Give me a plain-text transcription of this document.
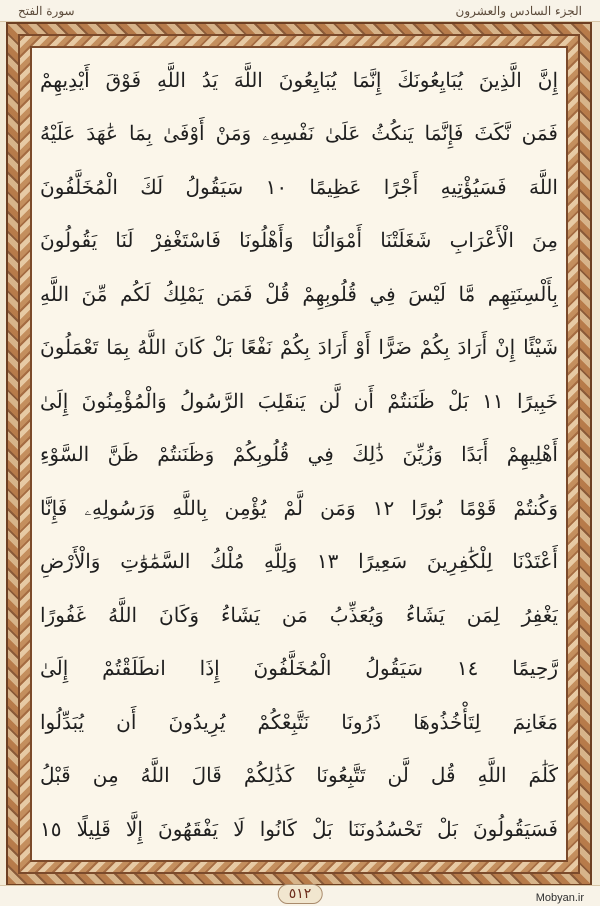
سورة الفتح	الجزء السادس والعشرون
إِنَّ الَّذِينَ يُبَايِعُونَكَ إِنَّمَا يُبَايِعُونَ اللَّهَ يَدُ اللَّهِ فَوْقَ أَيْدِيهِمْ
فَمَن نَّكَثَ فَإِنَّمَا يَنكُثُ عَلَىٰ نَفْسِهِۦ وَمَنْ أَوْفَىٰ بِمَا عَٰهَدَ عَلَيْهُ
اللَّهَ فَسَيُؤْتِيهِ أَجْرًا عَظِيمًا ١٠ سَيَقُولُ لَكَ الْمُخَلَّفُونَ
مِنَ الْأَعْرَابِ شَغَلَتْنَا أَمْوَالُنَا وَأَهْلُونَا فَاسْتَغْفِرْ لَنَا يَقُولُونَ
بِأَلْسِنَتِهِم مَّا لَيْسَ فِي قُلُوبِهِمْ قُلْ فَمَن يَمْلِكُ لَكُم مِّنَ اللَّهِ
شَيْئًا إِنْ أَرَادَ بِكُمْ ضَرًّا أَوْ أَرَادَ بِكُمْ نَفْعًا بَلْ كَانَ اللَّهُ بِمَا تَعْمَلُونَ
خَبِيرًا ١١ بَلْ ظَنَنتُمْ أَن لَّن يَنقَلِبَ الرَّسُولُ وَالْمُؤْمِنُونَ إِلَىٰ
أَهْلِيهِمْ أَبَدًا وَزُيِّنَ ذَٰلِكَ فِي قُلُوبِكُمْ وَظَنَنتُمْ ظَنَّ السَّوْءِ
وَكُنتُمْ قَوْمًا بُورًا ١٢ وَمَن لَّمْ يُؤْمِن بِاللَّهِ وَرَسُولِهِۦ فَإِنَّا
أَعْتَدْنَا لِلْكَٰفِرِينَ سَعِيرًا ١٣ وَلِلَّهِ مُلْكُ السَّمَٰوَٰتِ وَالْأَرْضِ
يَغْفِرُ لِمَن يَشَاءُ وَيُعَذِّبُ مَن يَشَاءُ وَكَانَ اللَّهُ غَفُورًا
رَّحِيمًا ١٤ سَيَقُولُ الْمُخَلَّفُونَ إِذَا انطَلَقْتُمْ إِلَىٰ
مَغَانِمَ لِتَأْخُذُوهَا ذَرُونَا نَتَّبِعْكُمْ يُرِيدُونَ أَن يُبَدِّلُوا
كَلَٰمَ اللَّهِ قُل لَّن تَتَّبِعُونَا كَذَٰلِكُمْ قَالَ اللَّهُ مِن قَبْلُ
فَسَيَقُولُونَ بَلْ تَحْسُدُونَنَا بَلْ كَانُوا لَا يَفْقَهُونَ إِلَّا قَلِيلًا ١٥
٥١٢	Mobyan.ir
